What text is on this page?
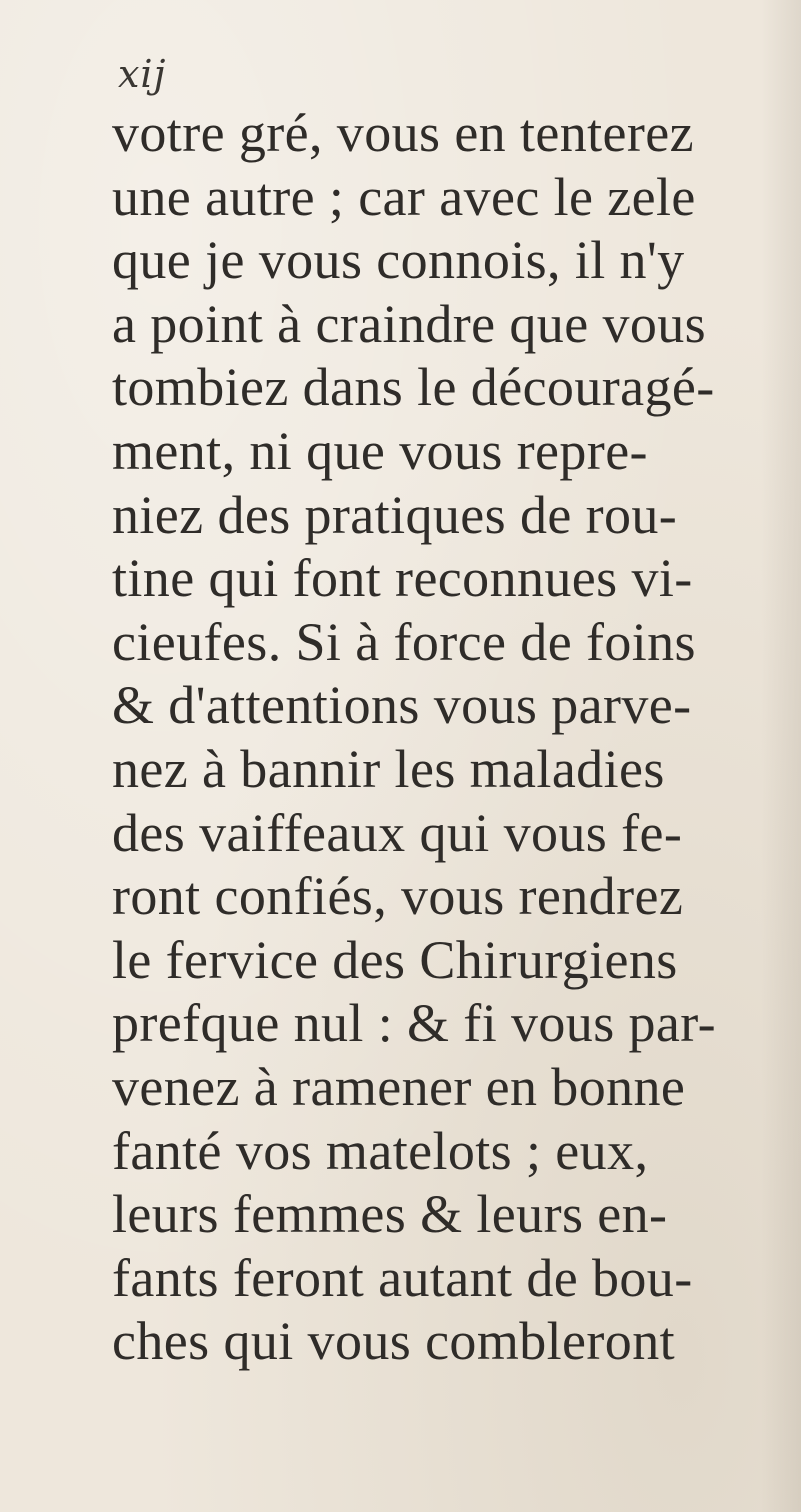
xij
votre gré, vous en tenterez
une autre ; car avec le zele
que je vous connois, il n'y
a point à craindre que vous
tombiez dans le découragé-
ment, ni que vous repre-
niez des pratiques de rou-
tine qui font reconnues vi-
cieufes. Si à force de foins
& d'attentions vous parve-
nez à bannir les maladies
des vaiffeaux qui vous fe-
ront confiés, vous rendrez
le fervice des Chirurgiens
prefque nul : & fi vous par-
venez à ramener en bonne
fanté vos matelots ; eux,
leurs femmes & leurs en-
fants feront autant de bou-
ches qui vous combleront
